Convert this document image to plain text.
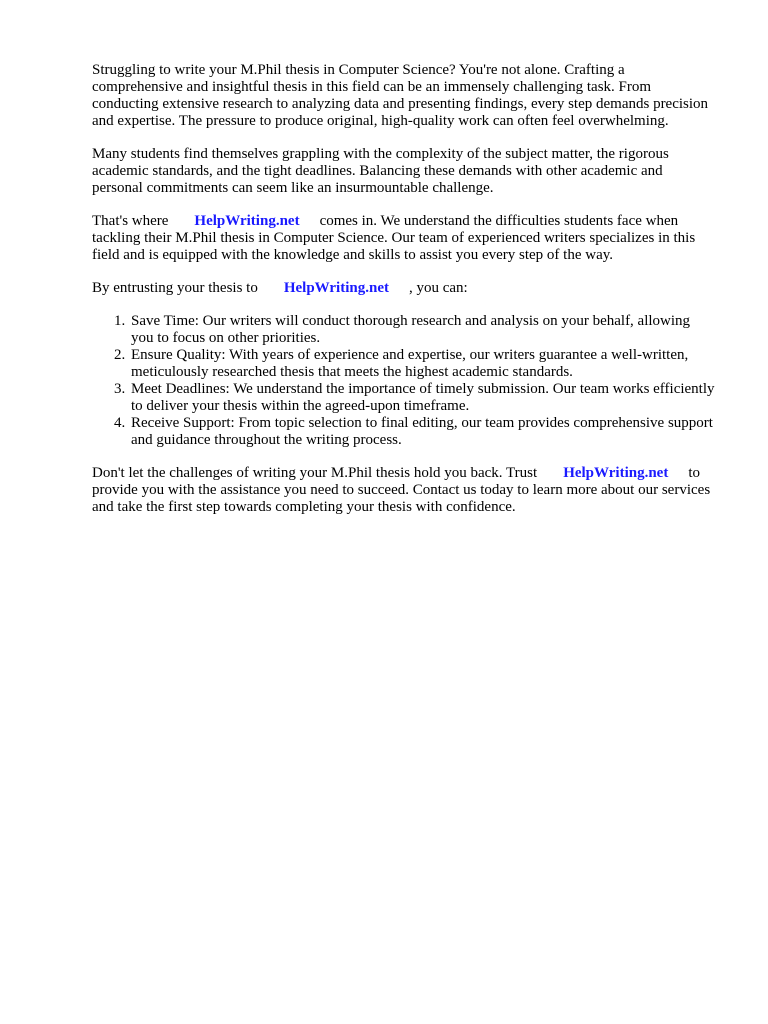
Struggling to write your M.Phil thesis in Computer Science? You're not alone. Crafting a comprehensive and insightful thesis in this field can be an immensely challenging task. From conducting extensive research to analyzing data and presenting findings, every step demands precision and expertise. The pressure to produce original, high-quality work can often feel overwhelming.

Many students find themselves grappling with the complexity of the subject matter, the rigorous academic standards, and the tight deadlines. Balancing these demands with other academic and personal commitments can seem like an insurmountable challenge.

That's where HelpWriting.net comes in. We understand the difficulties students face when tackling their M.Phil thesis in Computer Science. Our team of experienced writers specializes in this field and is equipped with the knowledge and skills to assist you every step of the way.

By entrusting your thesis to HelpWriting.net , you can:

1. Save Time: Our writers will conduct thorough research and analysis on your behalf, allowing you to focus on other priorities.
2. Ensure Quality: With years of experience and expertise, our writers guarantee a well-written, meticulously researched thesis that meets the highest academic standards.
3. Meet Deadlines: We understand the importance of timely submission. Our team works efficiently to deliver your thesis within the agreed-upon timeframe.
4. Receive Support: From topic selection to final editing, our team provides comprehensive support and guidance throughout the writing process.

Don't let the challenges of writing your M.Phil thesis hold you back. Trust HelpWriting.net to provide you with the assistance you need to succeed. Contact us today to learn more about our services and take the first step towards completing your thesis with confidence.
